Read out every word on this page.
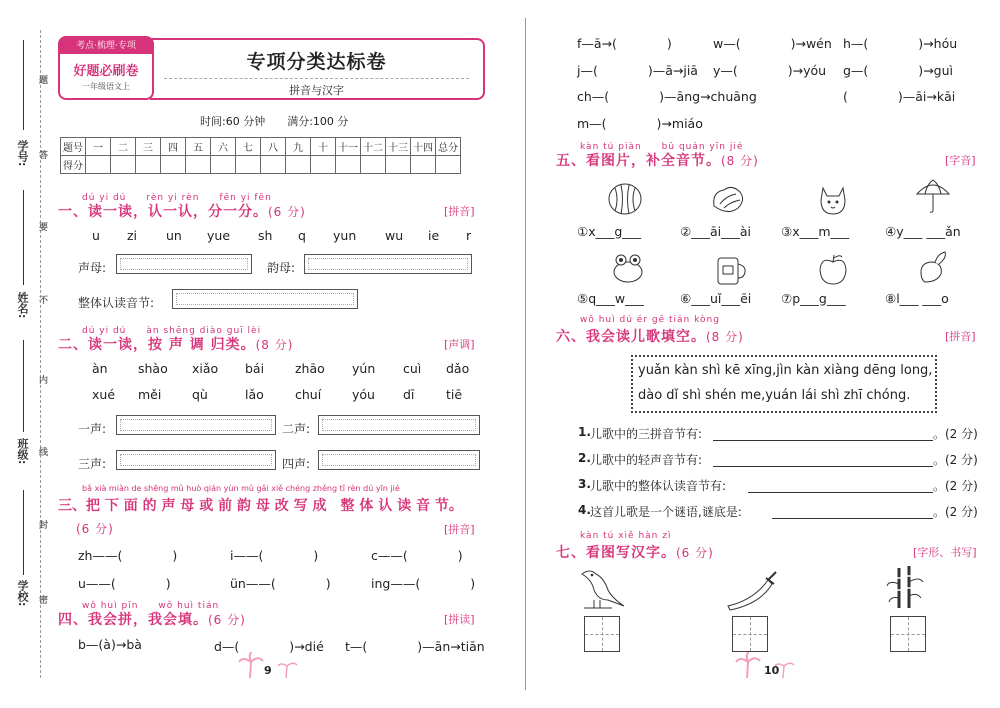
题
答
要
不
内
线
封
密
学号:
姓名:
班级:
学校:
考点·梳理·专项
好题必刷卷
一年级语文上
专项分类达标卷
拼音与汉字
时间:60 分钟　　满分:100 分
题号	一	二	三	四	五	六	七	八	九	十	十一	十二	十三	十四	总分
得分															
dú yi dú　　rèn yi rèn　　fēn yi fēn
一、读一读，认一认，分一分。(6 分)	[拼音]
u zi un yue sh q yun wu ie r
声母:	韵母:
整体认读音节:
dú yi dú　　àn shēng diào guī lèi
二、读一读，按 声 调 归类。(8 分)	[声调]
àn shào xiǎo bái zhāo yún cuì dǎo
xué měi qù	lǎo chuí yóu dī	tiē
一声:	二声:
三声:	四声:
bǎ xià miàn de shēng mǔ huò qián yùn mǔ gǎi xiě chéng zhěng tǐ rèn dú yīn jié
三、把 下 面 的 声 母 或 前 韵 母 改 写 成　整 体 认 读 音 节。
(6 分)	[拼音]
zh——(　　　　)	i——(　　　　)	c——(　　　　)
u——(　　　　)	ün——(　　　　)	ing——(　　　　)
wǒ huì pīn　　wǒ huì tián
四、我会拼，我会填。(6 分)	[拼读]
b—(à)→bà	d—(　　　　)→dié t—(　　　　)—ān→tiān
9
f—ā→(　　　　)	w—(　　　　)→wén h—(　　　　)→hóu
j—(　　　　)—ā→jiā y—(　　　　)→yóu g—(　　　　)→guì
ch—(　　　　)—āng→chuāng	(　　　　)—āi→kāi
m—(　　　　)→miáo
kàn tú piàn　　bǔ quán yīn jié
五、看图片，补全音节。(8 分)	[字音]
①x___g___	②___āi___ài ③x___m___	④y___ ___ǎn
⑤q___w___	⑥___uǐ___ēi ⑦p___g___	⑧l___ ___o
wǒ huì dú ér gē tián kòng
六、我会读儿歌填空。(8 分)	[拼音]
yuǎn kàn shì kē xīng,jìn kàn xiàng dēng long,
dào dǐ shì shén me,yuán lái shì zhī chóng.
1. 儿歌中的三拼音节有:	。(2 分)
2. 儿歌中的轻声音节有:	。(2 分)
3. 儿歌中的整体认读音节有:	。(2 分)
4. 这首儿歌是一个谜语,谜底是:	。(2 分)
kàn tú xiě hàn zì
七、看图写汉字。(6 分)	[字形、书写]
10
